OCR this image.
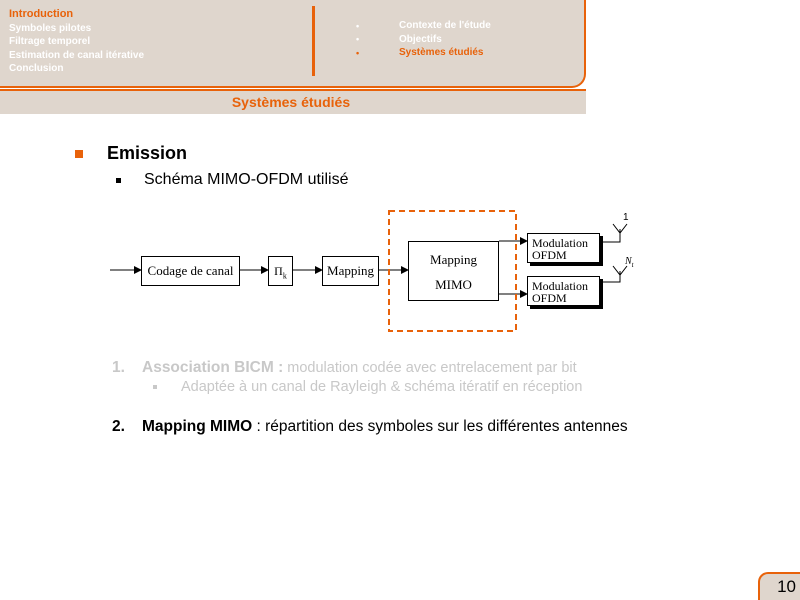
Introduction
Symboles pilotes
Filtrage temporel
Estimation de canal itérative
Conclusion
•	Contexte de l'étude
•	Objectifs
•	Systèmes étudiés
Systèmes étudiés
Emission
Schéma MIMO-OFDM utilisé
Codage de canal	$\Pi_k$	Mapping
Mapping
MIMO
Modulation
OFDM
Modulation
OFDM
1
$N_t$
1.	Association BICM : modulation codée avec entrelacement par bit
Adaptée à un canal de Rayleigh & schéma itératif en réception
2.	Mapping MIMO : répartition des symboles sur les différentes antennes
10
